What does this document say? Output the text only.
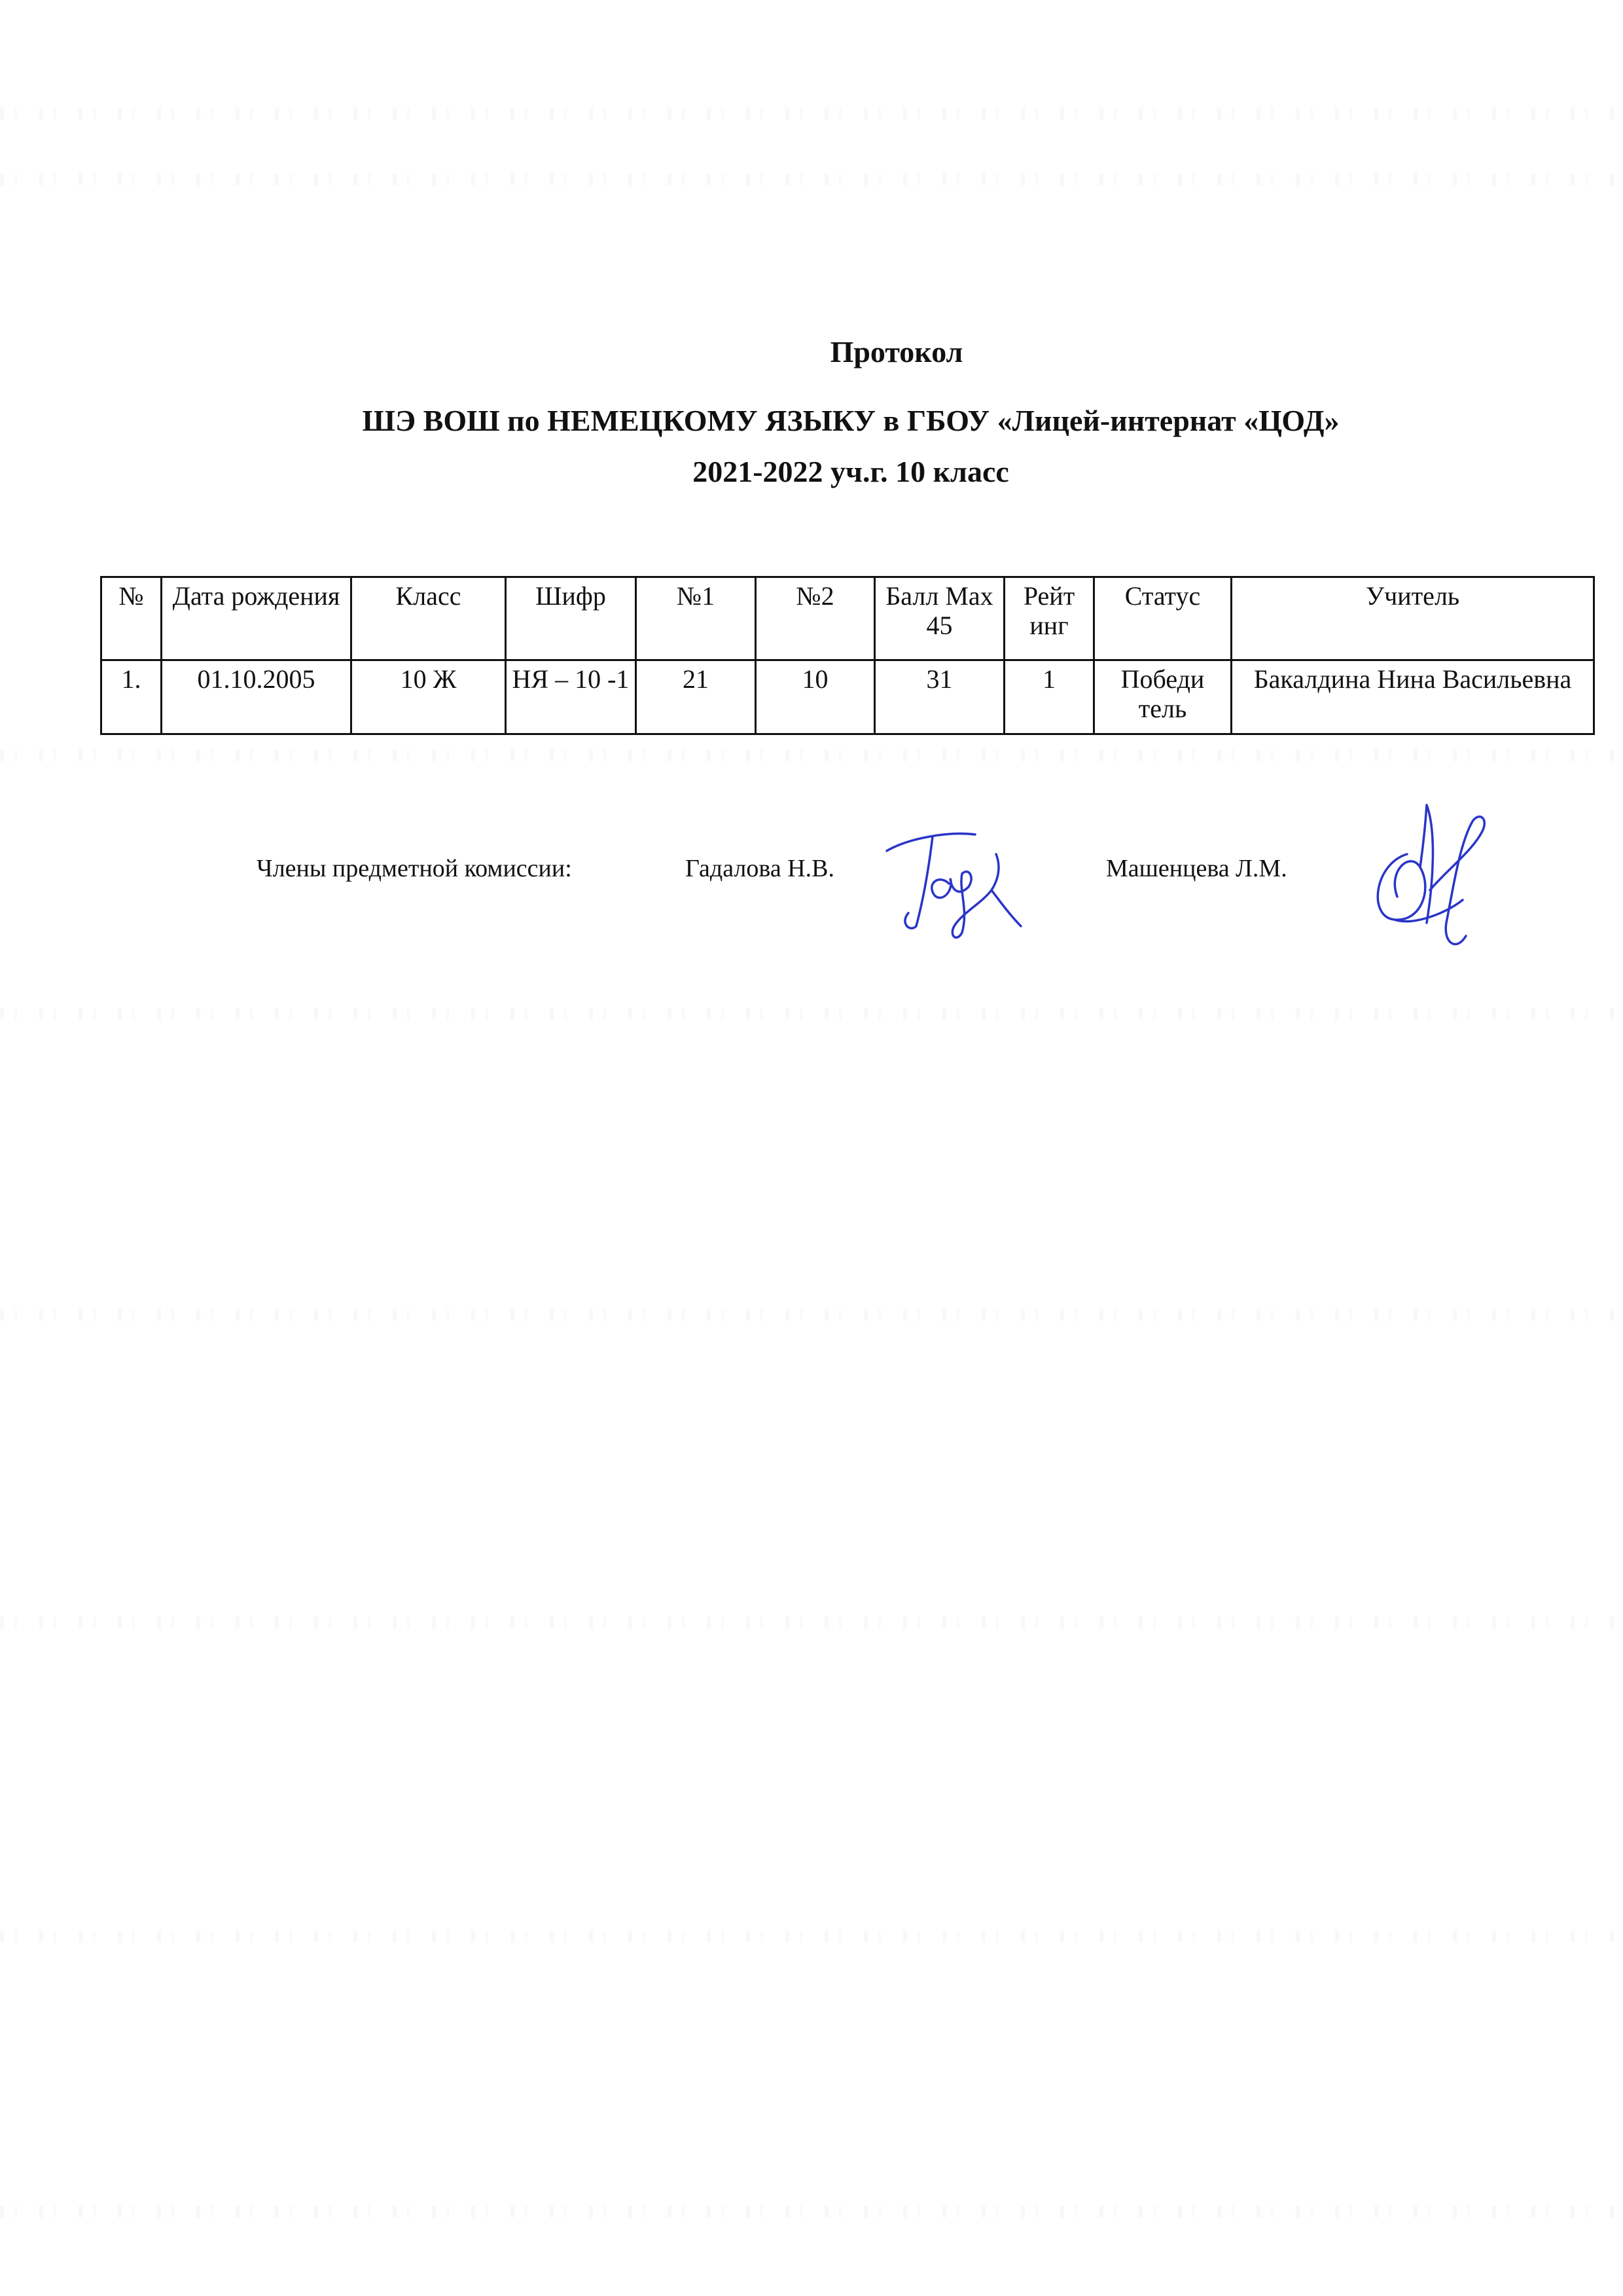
Протокол
ШЭ ВОШ по НЕМЕЦКОМУ ЯЗЫКУ в ГБОУ «Лицей-интернат «ЦОД»
2021-2022 уч.г. 10 класс
№	Дата рождения	Класс	Шифр	№1	№2	Балл Max 45	Рейт инг	Статус	Учитель
1.	01.10.2005	10 Ж	НЯ – 10 -1	21	10	31	1	Победи тель	Бакалдина Нина Васильевна
Члены предметной комиссии:	Гадалова Н.В.	Машенцева Л.М.
